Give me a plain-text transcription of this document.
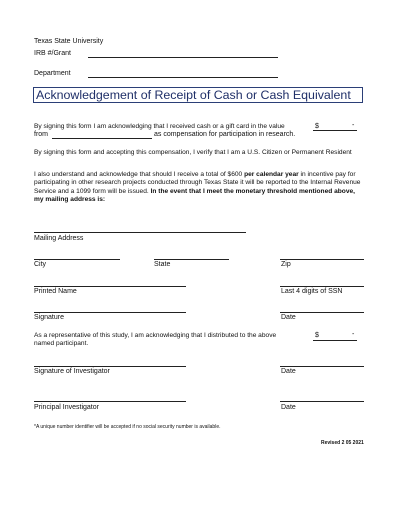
Texas State University
IRB #/Grant
Department
Acknowledgement of Receipt of Cash or Cash Equivalent
By signing this form I am acknowledging that I received cash or a gift card in the value	$	-
from	as compensation for participation in research.
By signing this form and accepting this compensation, I verify that I am a U.S. Citizen or Permanent Resident
I also understand and acknowledge that should I receive a total of $600 per calendar year in incentive pay for participating in other research projects conducted through Texas State it will be reported to the Internal Revenue Service and a 1099 form will be issued. In the event that I meet the monetary threshold mentioned above, my mailing address is:
Mailing Address
City	State	Zip
Printed Name	Last 4 digits of SSN
Signature	Date
As a representative of this study, I am acknowledging that I distributed to the above named participant.
$	-
Signature of Investigator	Date
Principal Investigator	Date
*A unique number identifier will be accepted if no social security number is available.
Revised 2 05 2021
